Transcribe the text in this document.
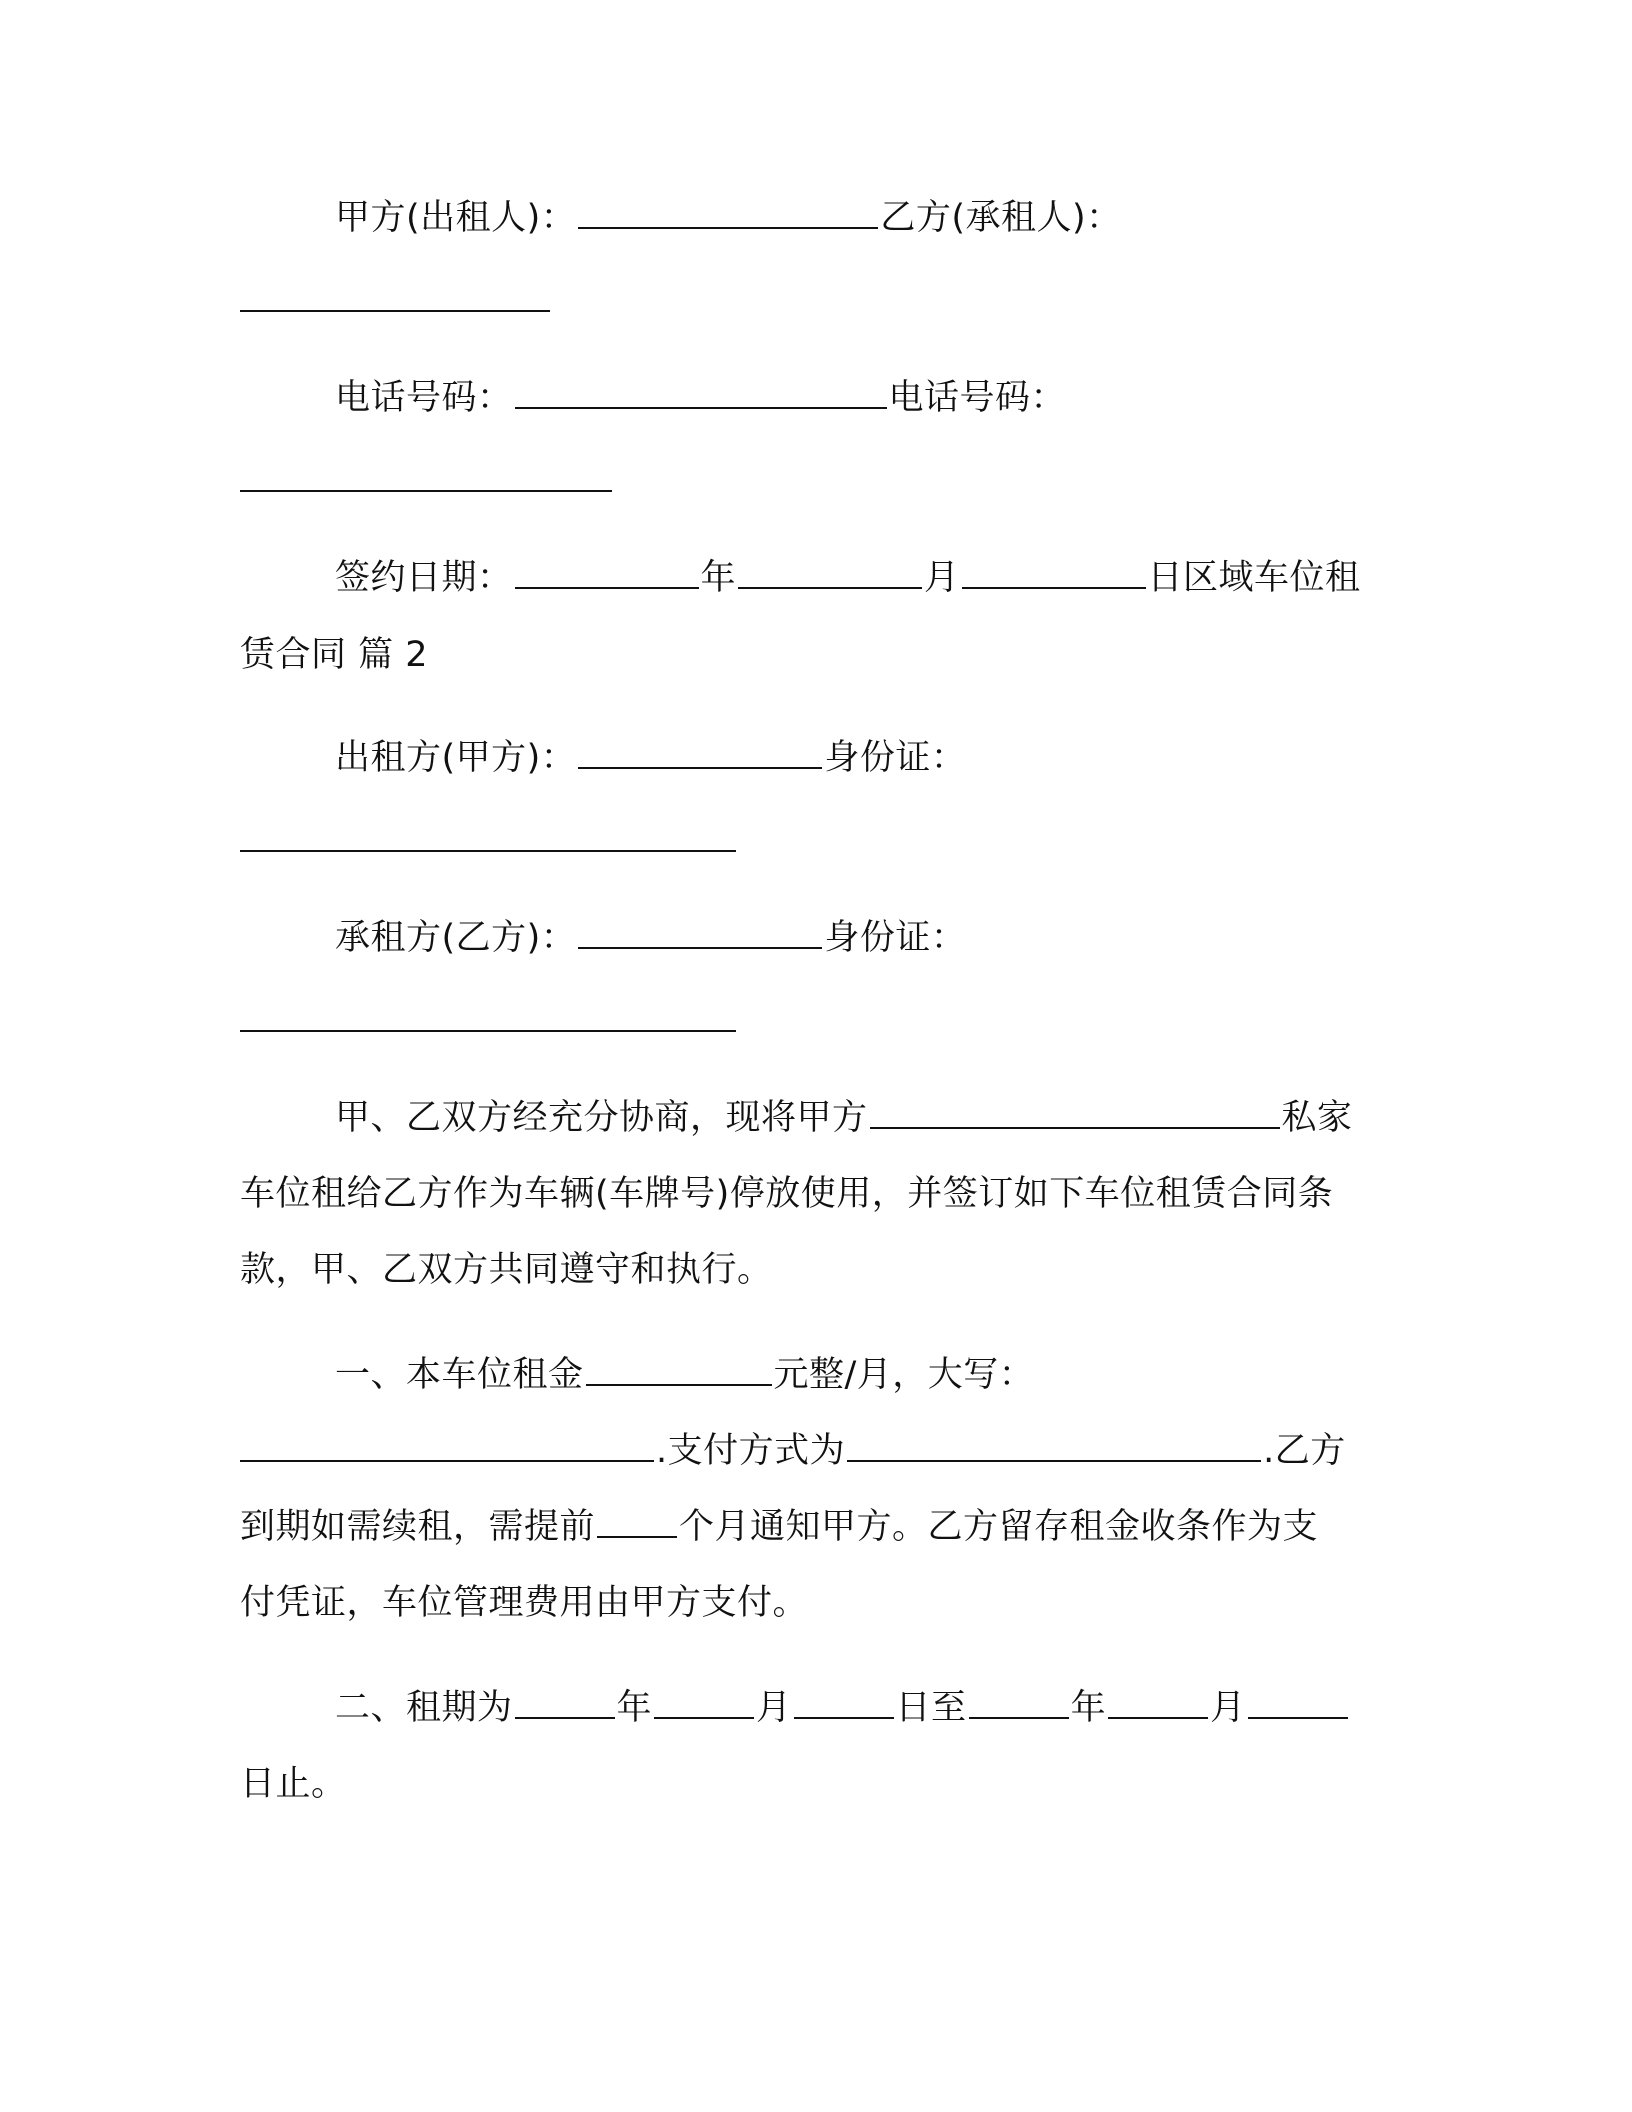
甲方(出租人)：	乙方(承租人)：
电话号码：	电话号码：
签约日期：	年	月	日区域车位租
赁合同 篇 2
出租方(甲方)：	身份证：
承租方(乙方)：	身份证：
甲、乙双方经充分协商，现将甲方	私家
车位租给乙方作为车辆(车牌号)停放使用，并签订如下车位租赁合同条
款，甲、乙双方共同遵守和执行。
一、本车位租金	元整/月，大写：
.支付方式为	.乙方
到期如需续租，需提前 个月通知甲方。乙方留存租金收条作为支
付凭证，车位管理费用由甲方支付。
二、租期为	年	月	日至	年	月
日止。
